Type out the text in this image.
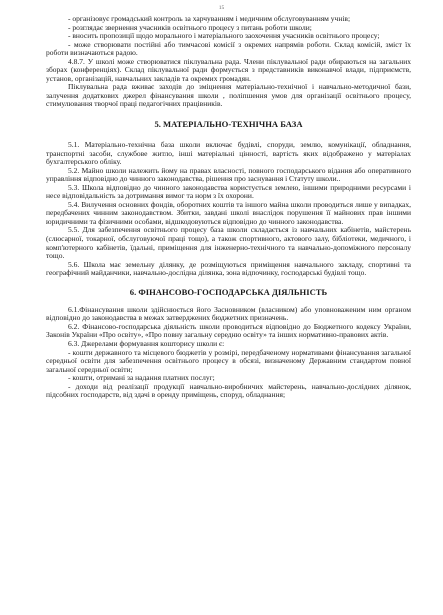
15

- організовує громадський контроль за харчуванням і медичним обслуговуванням учнів;

- розглядає звернення учасників освітнього процесу з питань роботи школи;

- вносить пропозиції щодо морального і матеріального заохочення учасників освітнього процесу;

- може створювати постійні або тимчасові комісії з окремих напрямів роботи. Склад комісій, зміст їх роботи визначаються радою.

4.8.7. У школі може створюватися піклувальна рада. Члени піклувальної ради обираються на загальних зборах (конференціях). Склад піклувальної ради формується з представників виконавчої влади, підприємств, установ, організацій, навчальних закладів та окремих громадян.

Піклувальна рада вживає заходів до зміцнення матеріально-технічної і навчально-методичної бази, залучення додаткових джерел фінансування школи , поліпшення умов для організації освітнього процесу, стимулювання творчої праці педагогічних працівників.

5. МАТЕРІАЛЬНО-ТЕХНІЧНА БАЗА

5.1. Матеріально-технічна база школи включає будівлі, споруди, землю, комунікації, обладнання, транспортні засоби, службове житло, інші матеріальні цінності, вартість яких відображено у матеріалах бухгалтерського обліку.

5.2. Майно школи належить йому на правах власності, повного господарського відання або оперативного управління відповідно до чинного законодавства, рішення про заснування і Статуту школи..

5.3. Школа відповідно до чинного законодавства користується землею, іншими природними ресурсами і несе відповідальність за дотримання вимог та норм з їх охорони.

5.4. Вилучення основних фондів, оборотних коштів та іншого майна школи проводиться лише у випадках, передбачених чинним законодавством. Збитки, завдані школі внаслідок порушення її майнових прав іншими юридичними та фізичними особами, відшкодовуються відповідно до чинного законодавства.

5.5. Для забезпечення освітнього процесу база школи складається із навчальних кабінетів, майстерень (слюсарної, токарної, обслуговуючої праці тощо), а також спортивного, актового залу, бібліотеки, медичного, і комп'ютерного кабінетів, їдальні, приміщення для інженерно-технічного та навчально-допоміжного персоналу тощо.

5.6. Школа має земельну ділянку, де розміщуються приміщення навчального закладу, спортивні та географічний майданчики, навчально-дослідна ділянка, зона відпочинку, господарські будівлі тощо.

6. ФІНАНСОВО-ГОСПОДАРСЬКА ДІЯЛЬНІСТЬ

6.1.Фінансування школи здійснюється його Засновником (власником) або уповноваженим ним органом відповідно до законодавства в межах затверджених бюджетних призначень.

6.2. Фінансово-господарська діяльність школи проводиться відповідно до Бюджетного кодексу України, Законів України «Про освіту», «Про повну загальну середню освіту» та інших нормативно-правових актів.

6.3. Джерелами формування кошторису школи є:

- кошти державного та місцевого бюджетів у розмірі, передбаченому нормативами фінансування загальної середньої освіти для забезпечення освітнього процесу в обсязі, визначеному Державним стандартом повної загальної середньої освіти;

- кошти, отримані за надання платних послуг;

- доходи від реалізації продукції навчально-виробничих майстерень, навчально-дослідних ділянок, підсобних господарств, від здачі в оренду приміщень, споруд, обладнання;
